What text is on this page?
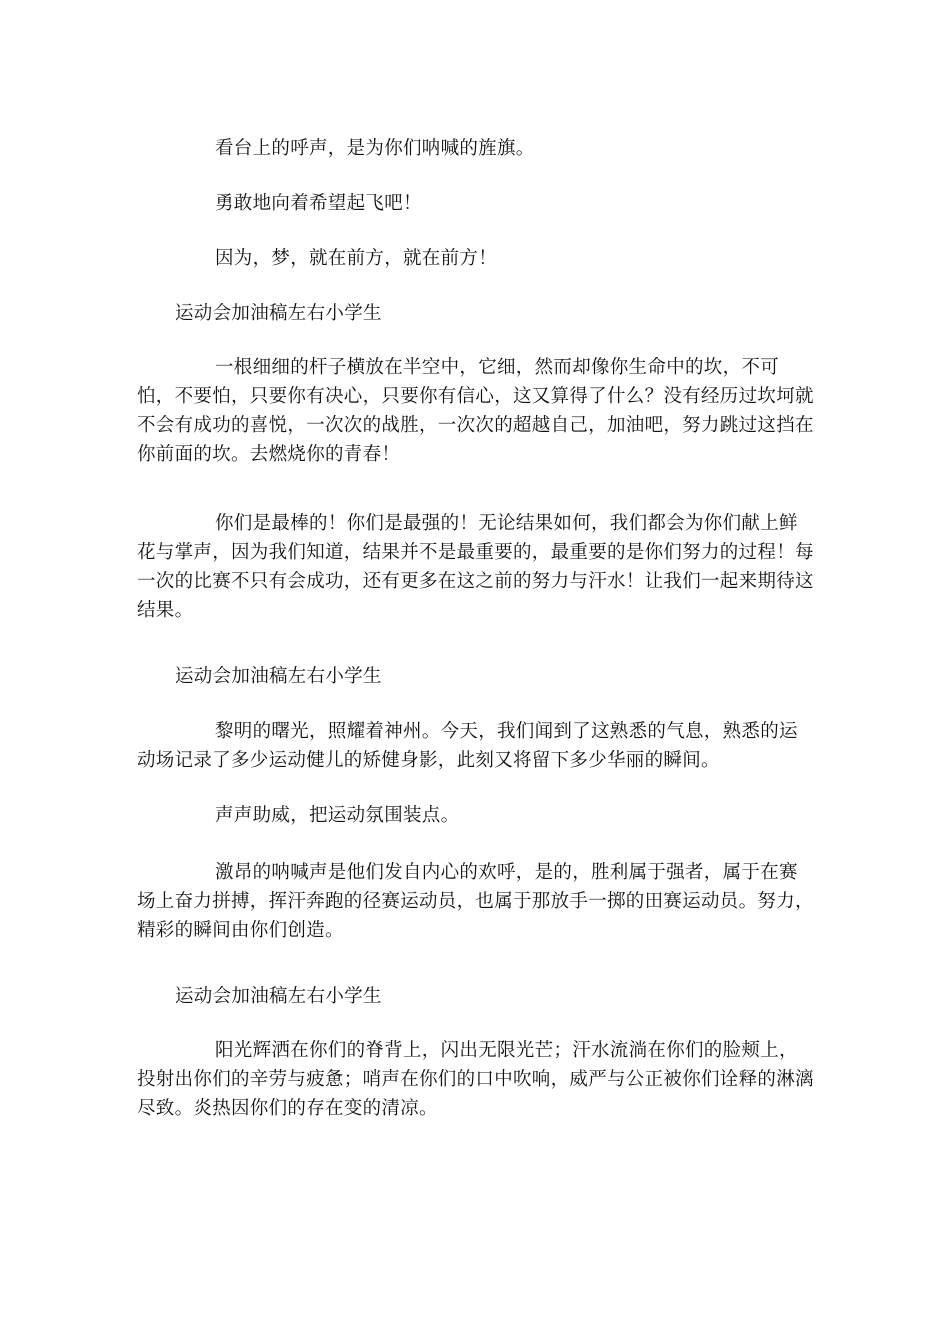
看台上的呼声，是为你们呐喊的旌旗。

勇敢地向着希望起飞吧！

因为，梦，就在前方，就在前方！

运动会加油稿左右小学生

一根细细的杆子横放在半空中，它细，然而却像你生命中的坎，不可怕，不要怕，只要你有决心，只要你有信心，这又算得了什么？没有经历过坎坷就不会有成功的喜悦，一次次的战胜，一次次的超越自己，加油吧，努力跳过这挡在你前面的坎。去燃烧你的青春！

你们是最棒的！你们是最强的！无论结果如何，我们都会为你们献上鲜花与掌声，因为我们知道，结果并不是最重要的，最重要的是你们努力的过程！每一次的比赛不只有会成功，还有更多在这之前的努力与汗水！让我们一起来期待这结果。

运动会加油稿左右小学生

黎明的曙光，照耀着神州。今天，我们闻到了这熟悉的气息，熟悉的运动场记录了多少运动健儿的矫健身影，此刻又将留下多少华丽的瞬间。

声声助威，把运动氛围装点。

激昂的呐喊声是他们发自内心的欢呼，是的，胜利属于强者，属于在赛场上奋力拼搏，挥汗奔跑的径赛运动员，也属于那放手一掷的田赛运动员。努力，精彩的瞬间由你们创造。

运动会加油稿左右小学生

阳光辉洒在你们的脊背上，闪出无限光芒；汗水流淌在你们的脸颊上，投射出你们的辛劳与疲惫；哨声在你们的口中吹响，威严与公正被你们诠释的淋漓尽致。炎热因你们的存在变的清凉。
